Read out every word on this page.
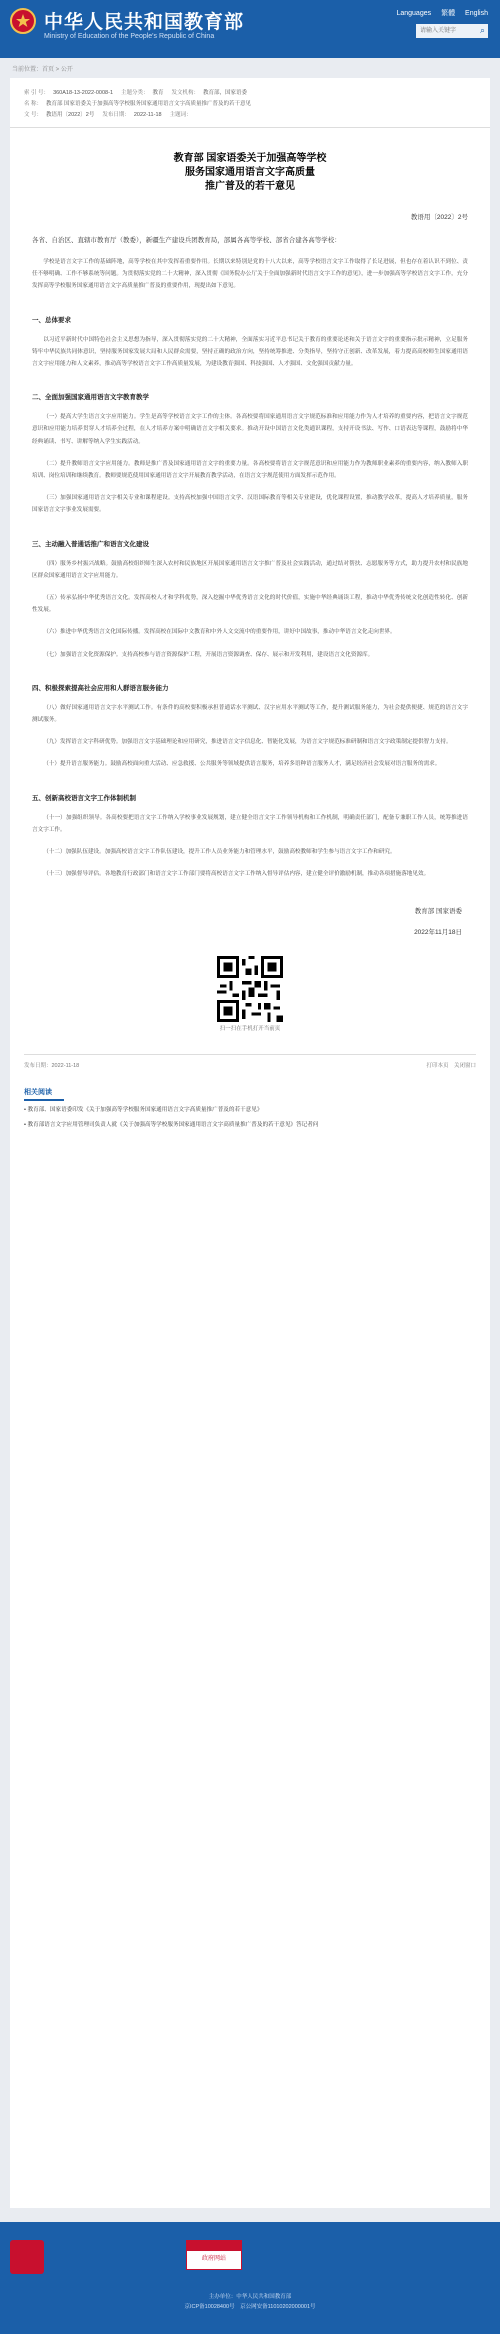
中华人民共和国教育部
Ministry of Education of the People's Republic of China
Languages 繁體 English
请输入关键字
⌕
当前位置：首页 > 公开
索 引 号： 360A18-13-2022-0008-1 主题分类： 教育 发文机构： 教育部，国家语委
名 称： 教育部 国家语委关于加强高等学校服务国家通用语言文字高质量推广普及的若干意见
文 号： 教语用〔2022〕2号 发布日期： 2022-11-18 主题词：
教育部 国家语委关于加强高等学校
服务国家通用语言文字高质量
推广普及的若干意见
教语用〔2022〕2号
各省、自治区、直辖市教育厅（教委），新疆生产建设兵团教育局，部属各高等学校、部省合建各高等学校：

学校是语言文字工作的基础阵地，高等学校在其中发挥着重要作用。长期以来特别是党的十八大以来，高等学校语言文字工作取得了长足进展，但也存在着认识不到位、责任不够明确、工作不够系统等问题。为贯彻落实党的二十大精神，深入贯彻《国务院办公厅关于全面加强新时代语言文字工作的意见》，进一步加强高等学校语言文字工作，充分发挥高等学校服务国家通用语言文字高质量推广普及的重要作用，现提出如下意见。

一、总体要求

以习近平新时代中国特色社会主义思想为指导，深入贯彻落实党的二十大精神，全面落实习近平总书记关于教育的重要论述和关于语言文字的重要指示批示精神，立足服务铸牢中华民族共同体意识，坚持服务国家发展大局和人民群众需要，坚持正确的政治方向，坚持统筹推进、分类指导，坚持守正创新、改革发展，着力提高高校师生国家通用语言文字应用能力和人文素养，推动高等学校语言文字工作高质量发展，为建设教育强国、科技强国、人才强国、文化强国贡献力量。

二、全面加强国家通用语言文字教育教学

（一）提高大学生语言文字应用能力。学生是高等学校语言文字工作的主体。各高校要将国家通用语言文字规范标准和应用能力作为人才培养的重要内容，把语言文字规范意识和应用能力培养贯穿人才培养全过程，在人才培养方案中明确语言文字相关要求。推动开设中国语言文化类通识课程，支持开设书法、写作、口语表达等课程，鼓励将中华经典诵读、书写、讲解等纳入学生实践活动。

（二）提升教师语言文字应用能力。教师是推广普及国家通用语言文字的重要力量。各高校要将语言文字规范意识和应用能力作为教师职业素养的重要内容，纳入教师入职培训、岗位培训和继续教育。教师要规范使用国家通用语言文字开展教育教学活动，在语言文字规范使用方面发挥示范作用。

（三）加强国家通用语言文字相关专业和课程建设。支持高校加强中国语言文学、汉语国际教育等相关专业建设，优化课程设置，推动教学改革，提高人才培养质量，服务国家语言文字事业发展需要。

三、主动融入普通话推广和语言文化建设

（四）服务乡村振兴战略。鼓励高校组织师生深入农村和民族地区开展国家通用语言文字推广普及社会实践活动，通过结对帮扶、志愿服务等方式，助力提升农村和民族地区群众国家通用语言文字应用能力。

（五）传承弘扬中华优秀语言文化。发挥高校人才和学科优势，深入挖掘中华优秀语言文化的时代价值，实施中华经典诵读工程，推动中华优秀传统文化创造性转化、创新性发展。

（六）推进中华优秀语言文化国际传播。发挥高校在国际中文教育和中外人文交流中的重要作用，讲好中国故事，推动中华语言文化走向世界。

（七）加强语言文化资源保护。支持高校参与语言资源保护工程，开展语言资源调查、保存、展示和开发利用，建设语言文化资源库。

四、积极探索提高社会应用和人群语言服务能力

（八）做好国家通用语言文字水平测试工作。有条件的高校要积极承担普通话水平测试、汉字应用水平测试等工作，提升测试服务能力，为社会提供便捷、规范的语言文字测试服务。

（九）发挥语言文字科研优势。加强语言文字基础理论和应用研究，推进语言文字信息化、智能化发展，为语言文字规范标准研制和语言文字政策制定提供智力支持。

（十）提升语言服务能力。鼓励高校面向重大活动、应急救援、公共服务等领域提供语言服务，培养多语种语言服务人才，满足经济社会发展对语言服务的需求。

五、创新高校语言文字工作体制机制

（十一）加强组织领导。各高校要把语言文字工作纳入学校事业发展规划，建立健全语言文字工作领导机构和工作机制，明确责任部门，配备专兼职工作人员，统筹推进语言文字工作。

（十二）加强队伍建设。加强高校语言文字工作队伍建设，提升工作人员业务能力和管理水平，鼓励高校教师和学生参与语言文字工作和研究。

（十三）加强督导评估。各地教育行政部门和语言文字工作部门要将高校语言文字工作纳入督导评估内容，建立健全评价激励机制，推动各项措施落地见效。

教育部 国家语委
2022年11月18日
扫一扫在手机打开当前页
发布日期：2022-11-18	打印本页　关闭窗口
相关阅读
• 教育部、国家语委印发《关于加强高等学校服务国家通用语言文字高质量推广普及的若干意见》
• 教育部语言文字应用管理司负责人就《关于加强高等学校服务国家通用语言文字高质量推广普及的若干意见》答记者问
政府网站
主办单位：中华人民共和国教育部
京ICP备10028400号　京公网安备11010202000001号
